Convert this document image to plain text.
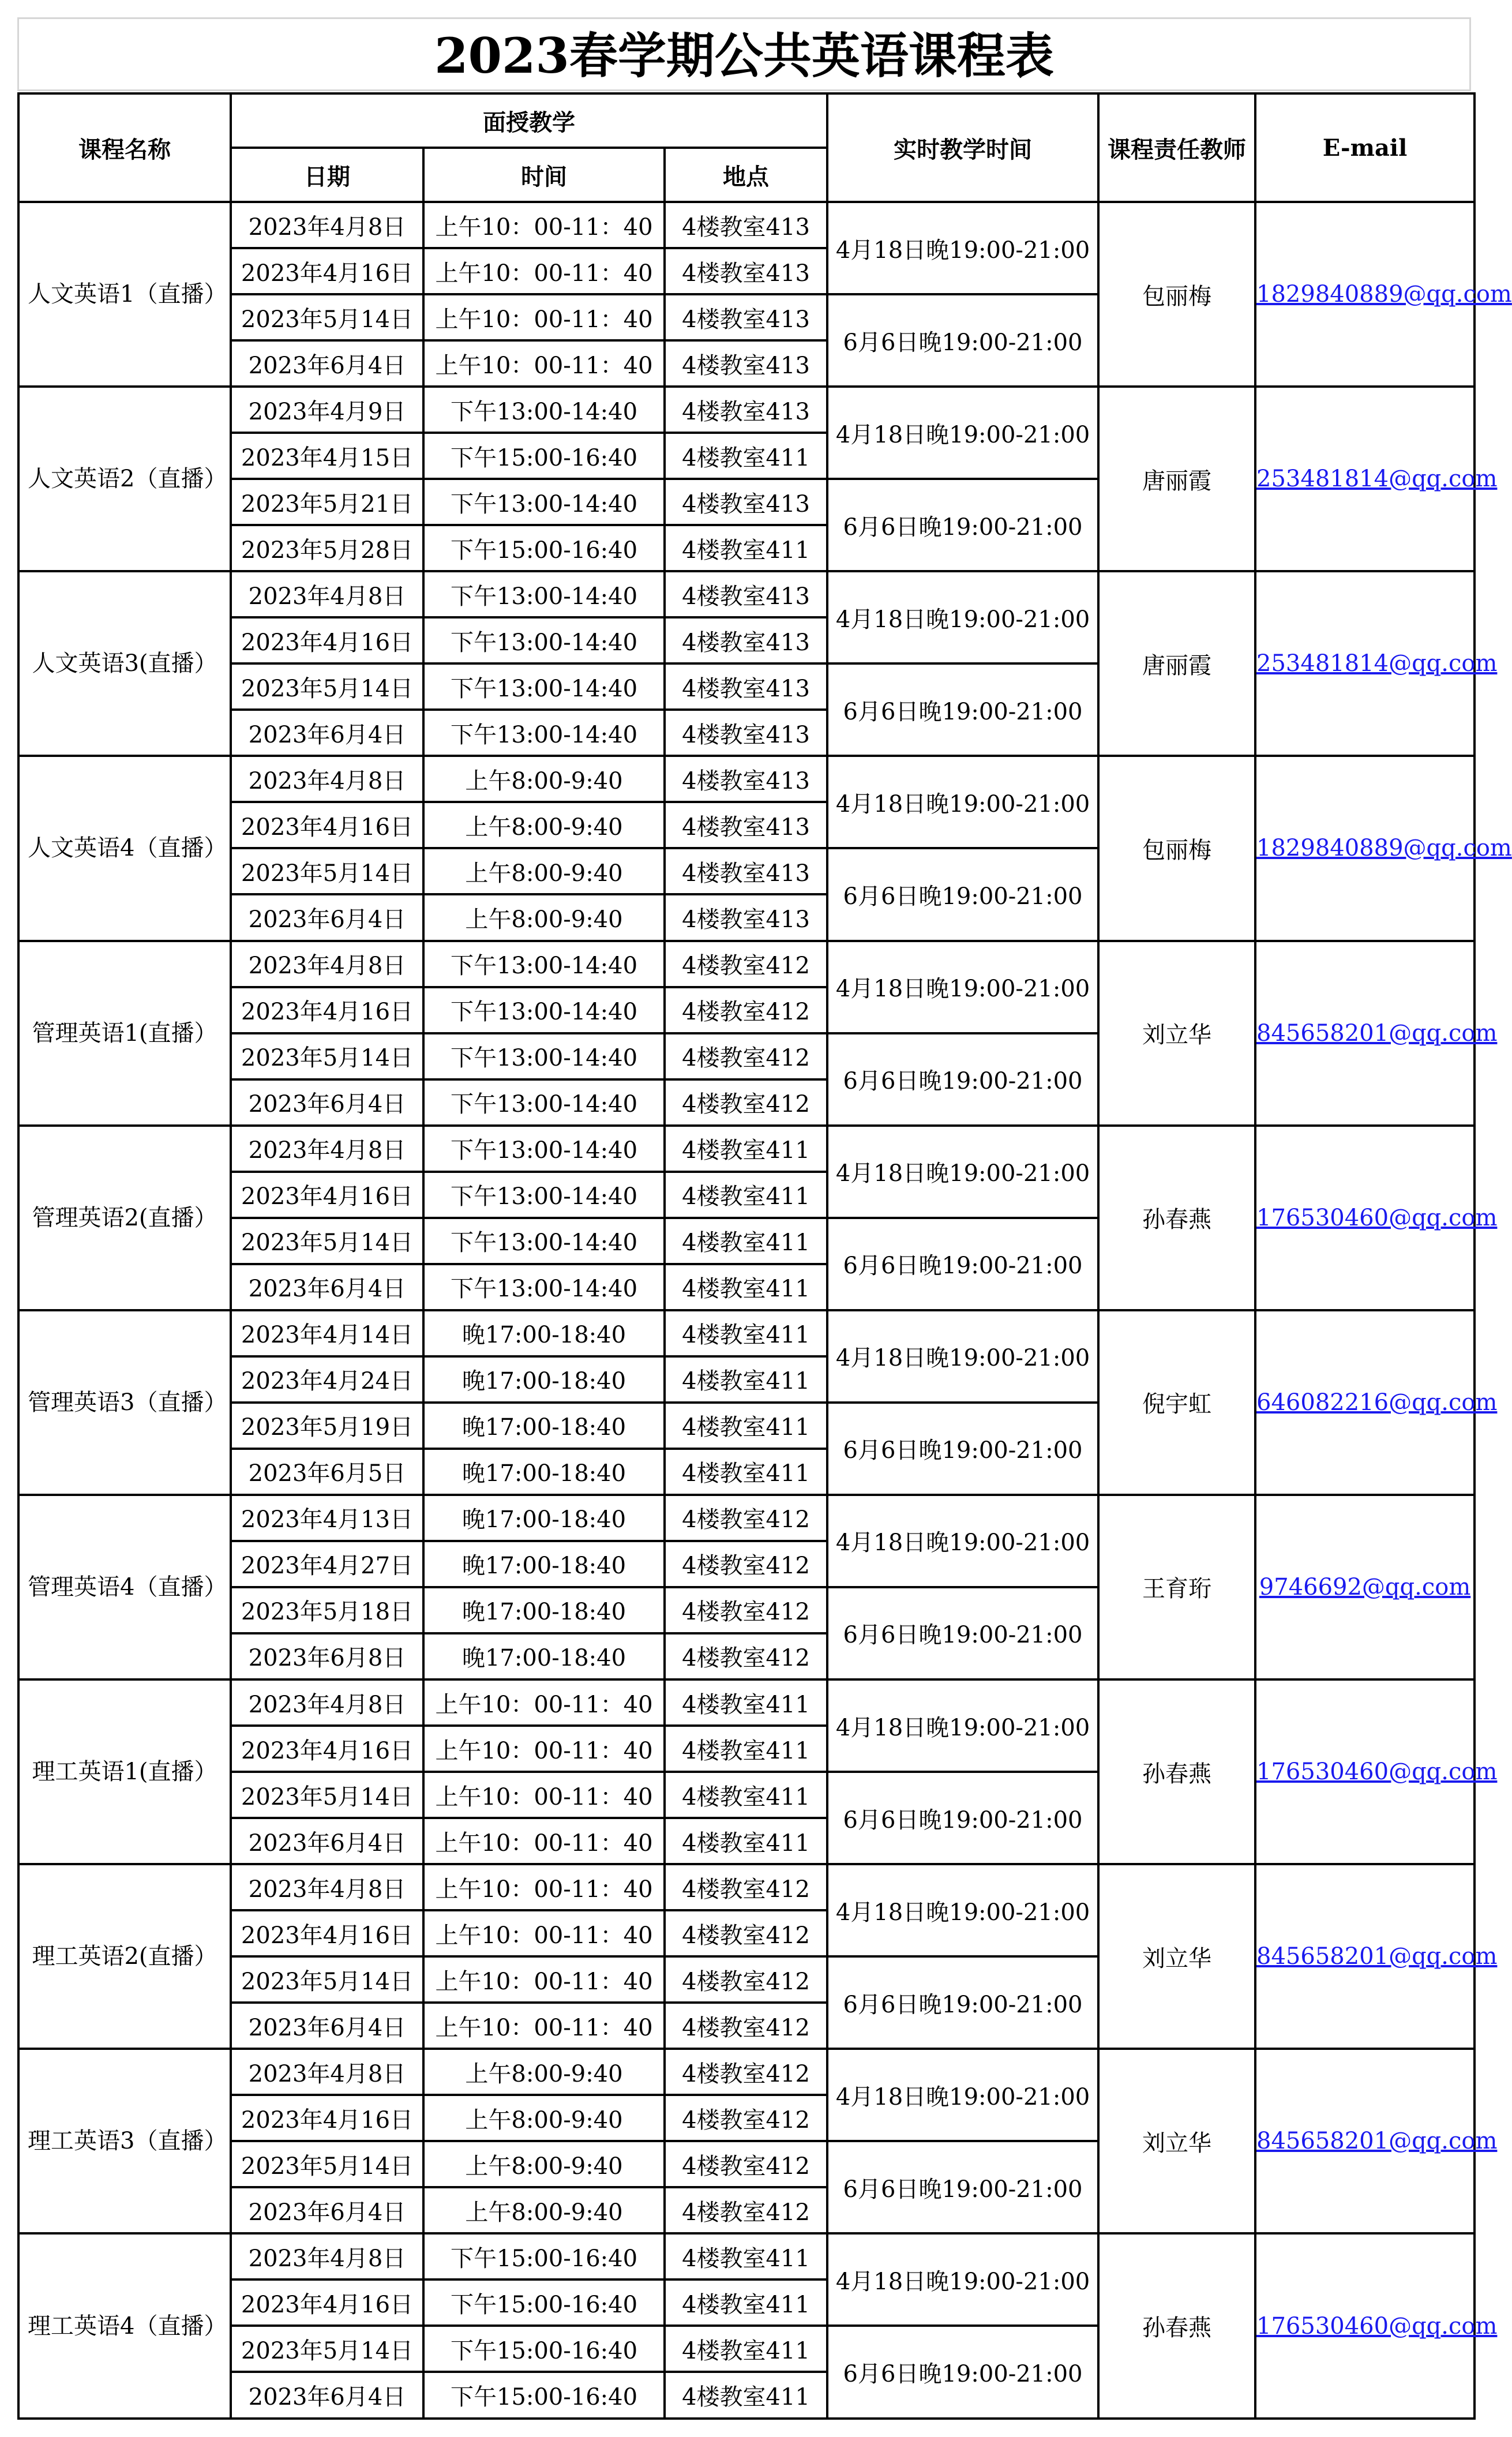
2023春学期公共英语课程表
课程名称	面授教学			实时教学时间	课程责任教师	E-mail
	日期	时间	地点			
人文英语1（直播）	2023年4月8日	上午10：00-11：40	4楼教室413	4月18日晚19:00-21:00	包丽梅	1829840889@qq.com
	2023年4月16日	上午10：00-11：40	4楼教室413			
	2023年5月14日	上午10：00-11：40	4楼教室413	6月6日晚19:00-21:00		
	2023年6月4日	上午10：00-11：40	4楼教室413			
人文英语2（直播）	2023年4月9日	下午13:00-14:40	4楼教室413	4月18日晚19:00-21:00	唐丽霞	253481814@qq.com
	2023年4月15日	下午15:00-16:40	4楼教室411			
	2023年5月21日	下午13:00-14:40	4楼教室413	6月6日晚19:00-21:00		
	2023年5月28日	下午15:00-16:40	4楼教室411			
人文英语3(直播）	2023年4月8日	下午13:00-14:40	4楼教室413	4月18日晚19:00-21:00	唐丽霞	253481814@qq.com
	2023年4月16日	下午13:00-14:40	4楼教室413			
	2023年5月14日	下午13:00-14:40	4楼教室413	6月6日晚19:00-21:00		
	2023年6月4日	下午13:00-14:40	4楼教室413			
人文英语4（直播）	2023年4月8日	上午8:00-9:40	4楼教室413	4月18日晚19:00-21:00	包丽梅	1829840889@qq.com
	2023年4月16日	上午8:00-9:40	4楼教室413			
	2023年5月14日	上午8:00-9:40	4楼教室413	6月6日晚19:00-21:00		
	2023年6月4日	上午8:00-9:40	4楼教室413			
管理英语1(直播）	2023年4月8日	下午13:00-14:40	4楼教室412	4月18日晚19:00-21:00	刘立华	845658201@qq.com
	2023年4月16日	下午13:00-14:40	4楼教室412			
	2023年5月14日	下午13:00-14:40	4楼教室412	6月6日晚19:00-21:00		
	2023年6月4日	下午13:00-14:40	4楼教室412			
管理英语2(直播）	2023年4月8日	下午13:00-14:40	4楼教室411	4月18日晚19:00-21:00	孙春燕	176530460@qq.com
	2023年4月16日	下午13:00-14:40	4楼教室411			
	2023年5月14日	下午13:00-14:40	4楼教室411	6月6日晚19:00-21:00		
	2023年6月4日	下午13:00-14:40	4楼教室411			
管理英语3（直播）	2023年4月14日	晚17:00-18:40	4楼教室411	4月18日晚19:00-21:00	倪宇虹	646082216@qq.com
	2023年4月24日	晚17:00-18:40	4楼教室411			
	2023年5月19日	晚17:00-18:40	4楼教室411	6月6日晚19:00-21:00		
	2023年6月5日	晚17:00-18:40	4楼教室411			
管理英语4（直播）	2023年4月13日	晚17:00-18:40	4楼教室412	4月18日晚19:00-21:00	王育珩	9746692@qq.com
	2023年4月27日	晚17:00-18:40	4楼教室412			
	2023年5月18日	晚17:00-18:40	4楼教室412	6月6日晚19:00-21:00		
	2023年6月8日	晚17:00-18:40	4楼教室412			
理工英语1(直播）	2023年4月8日	上午10：00-11：40	4楼教室411	4月18日晚19:00-21:00	孙春燕	176530460@qq.com
	2023年4月16日	上午10：00-11：40	4楼教室411			
	2023年5月14日	上午10：00-11：40	4楼教室411	6月6日晚19:00-21:00		
	2023年6月4日	上午10：00-11：40	4楼教室411			
理工英语2(直播）	2023年4月8日	上午10：00-11：40	4楼教室412	4月18日晚19:00-21:00	刘立华	845658201@qq.com
	2023年4月16日	上午10：00-11：40	4楼教室412			
	2023年5月14日	上午10：00-11：40	4楼教室412	6月6日晚19:00-21:00		
	2023年6月4日	上午10：00-11：40	4楼教室412			
理工英语3（直播）	2023年4月8日	上午8:00-9:40	4楼教室412	4月18日晚19:00-21:00	刘立华	845658201@qq.com
	2023年4月16日	上午8:00-9:40	4楼教室412			
	2023年5月14日	上午8:00-9:40	4楼教室412	6月6日晚19:00-21:00		
	2023年6月4日	上午8:00-9:40	4楼教室412			
理工英语4（直播）	2023年4月8日	下午15:00-16:40	4楼教室411	4月18日晚19:00-21:00	孙春燕	176530460@qq.com
	2023年4月16日	下午15:00-16:40	4楼教室411			
	2023年5月14日	下午15:00-16:40	4楼教室411	6月6日晚19:00-21:00		
	2023年6月4日	下午15:00-16:40	4楼教室411			
